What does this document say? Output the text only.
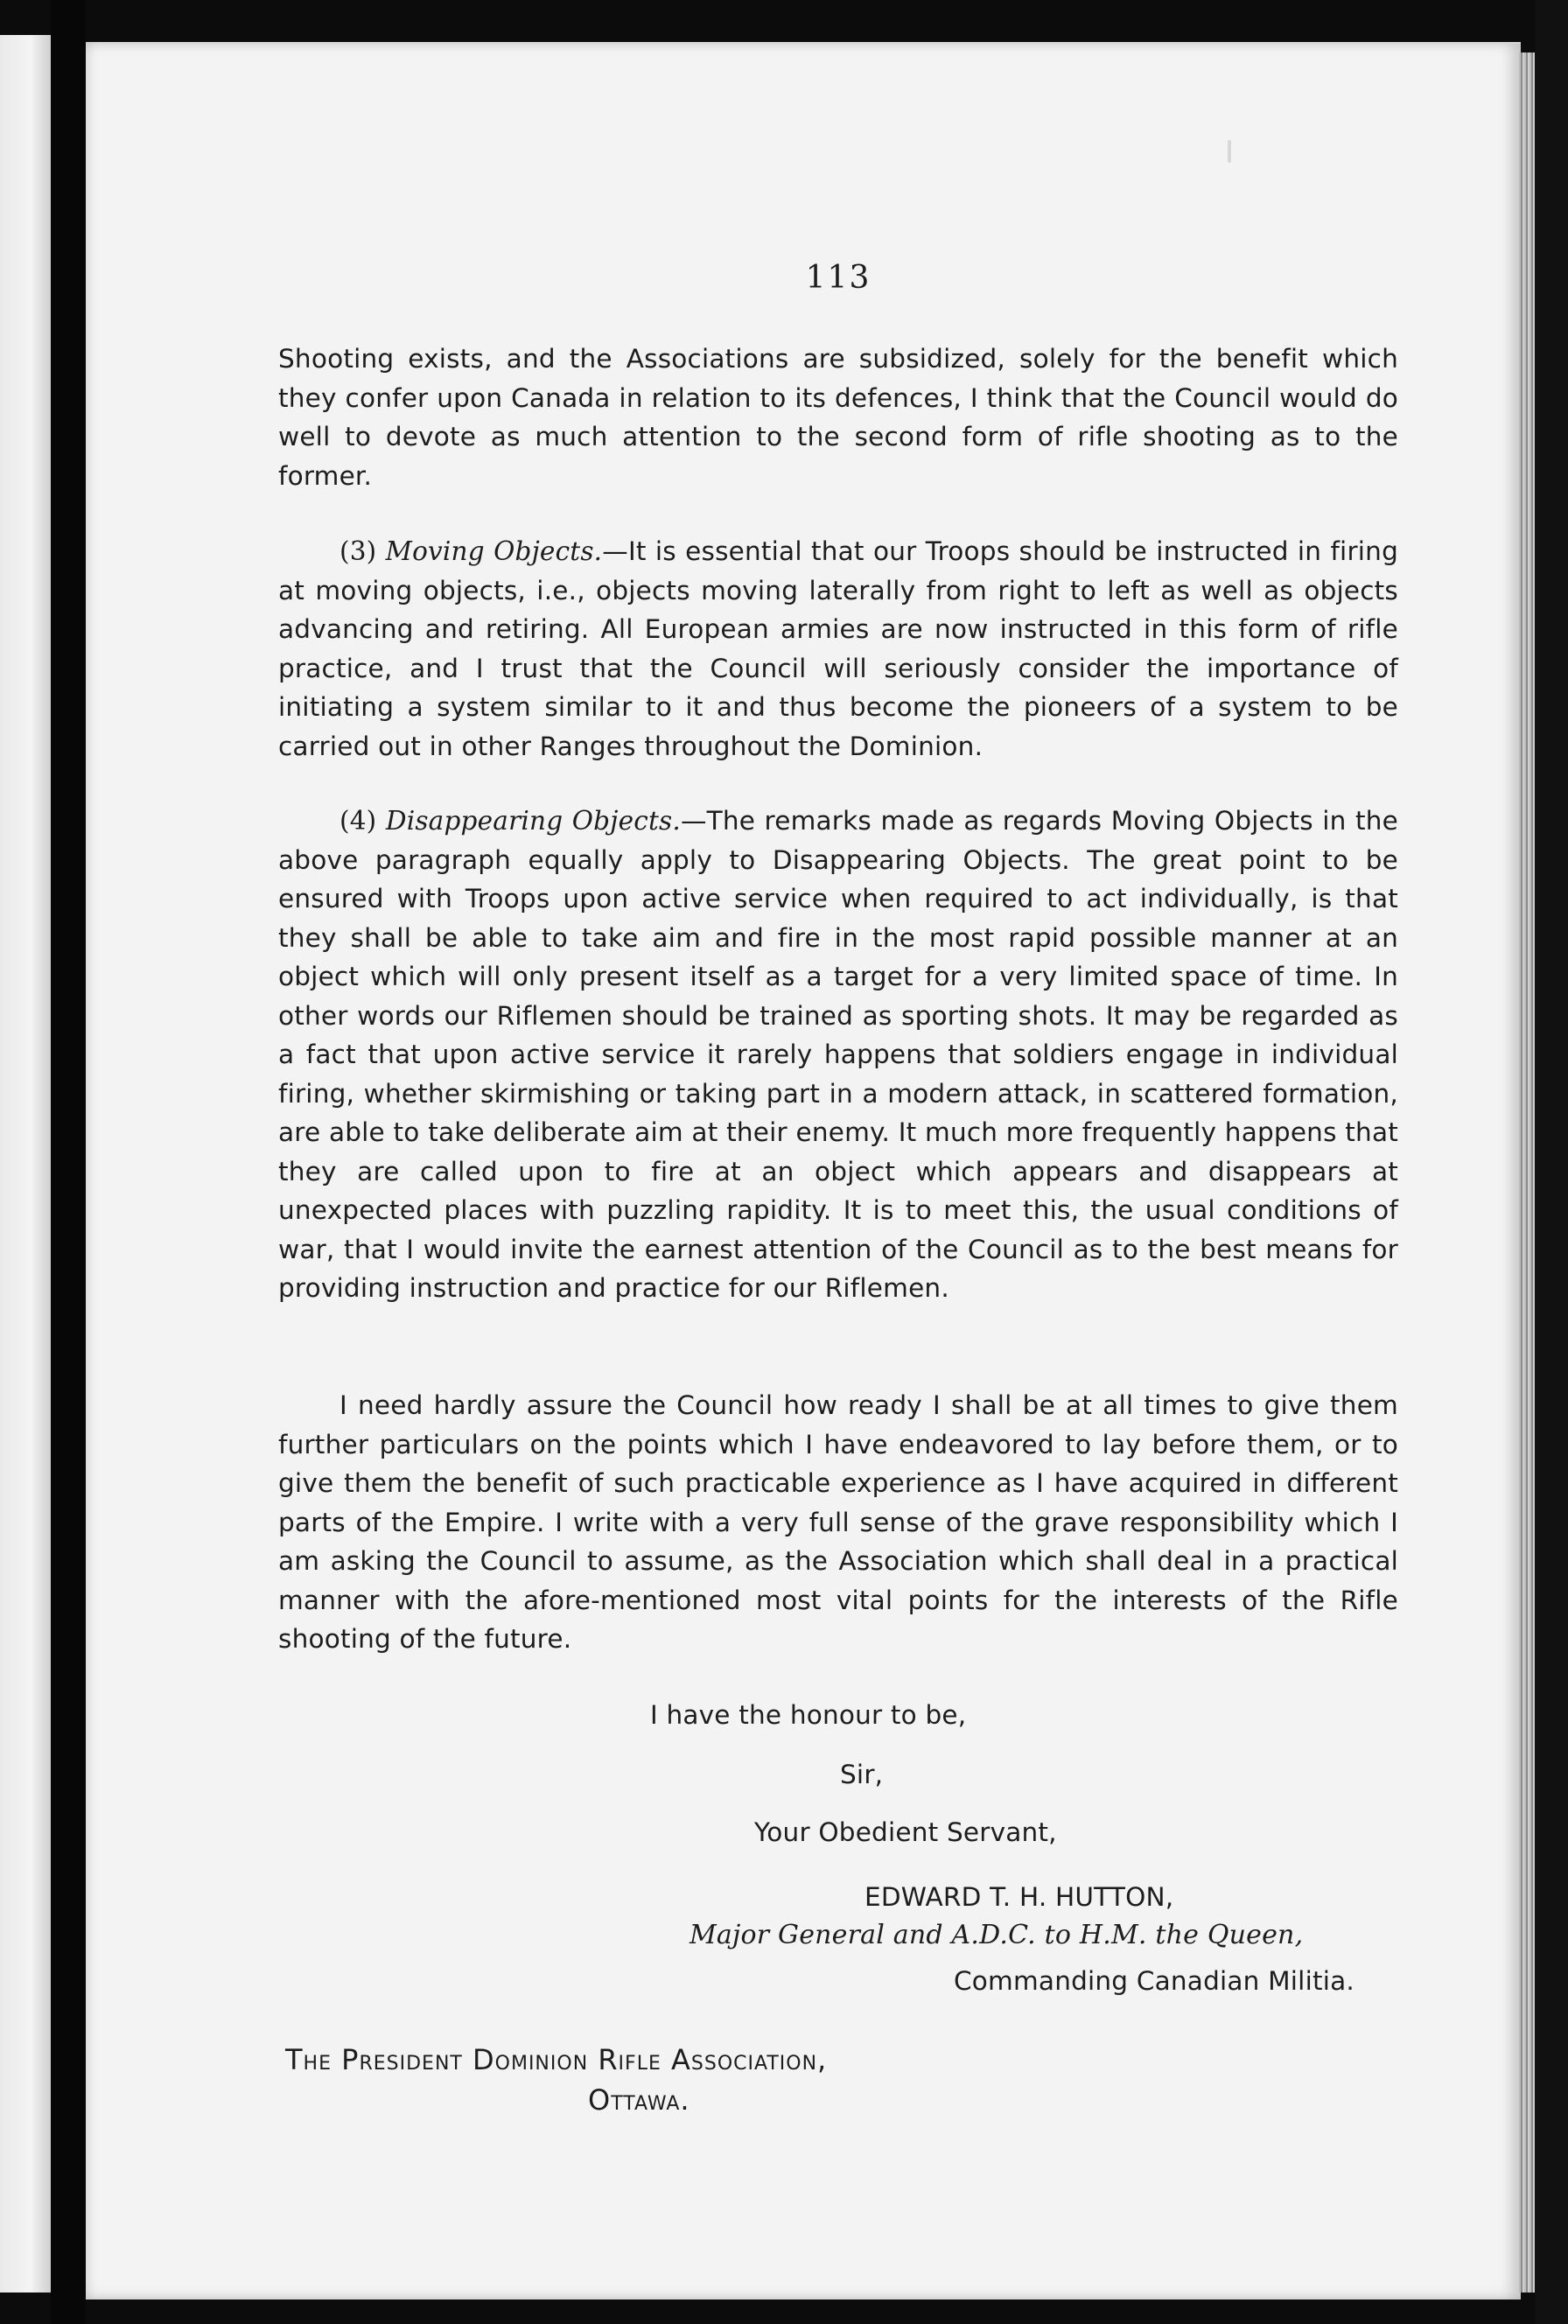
113

Shooting exists, and the Associations are subsidized, solely for the benefit which they confer upon Canada in relation to its defences, I think that the Council would do well to devote as much attention to the second form of rifle shooting as to the former.

(3) Moving Objects.—It is essential that our Troops should be instructed in firing at moving objects, i.e., objects moving laterally from right to left as well as objects advancing and retiring. All European armies are now instructed in this form of rifle practice, and I trust that the Council will seriously consider the importance of initiating a system similar to it and thus become the pioneers of a system to be carried out in other Ranges throughout the Dominion.

(4) Disappearing Objects.—The remarks made as regards Moving Objects in the above paragraph equally apply to Disappearing Objects. The great point to be ensured with Troops upon active service when required to act individually, is that they shall be able to take aim and fire in the most rapid possible manner at an object which will only present itself as a target for a very limited space of time. In other words our Riflemen should be trained as sporting shots. It may be regarded as a fact that upon active service it rarely happens that soldiers engage in individual firing, whether skirmishing or taking part in a modern attack, in scattered formation, are able to take deliberate aim at their enemy. It much more frequently happens that they are called upon to fire at an object which appears and disappears at unexpected places with puzzling rapidity. It is to meet this, the usual conditions of war, that I would invite the earnest attention of the Council as to the best means for providing instruction and practice for our Riflemen.

I need hardly assure the Council how ready I shall be at all times to give them further particulars on the points which I have endeavored to lay before them, or to give them the benefit of such practicable experience as I have acquired in different parts of the Empire. I write with a very full sense of the grave responsibility which I am asking the Council to assume, as the Association which shall deal in a practical manner with the afore-mentioned most vital points for the interests of the Rifle shooting of the future.

I have the honour to be,
Sir,
Your Obedient Servant,
EDWARD T. H. HUTTON,
Major General and A.D.C. to H.M. the Queen,
Commanding Canadian Militia.
The President Dominion Rifle Association,
Ottawa.
